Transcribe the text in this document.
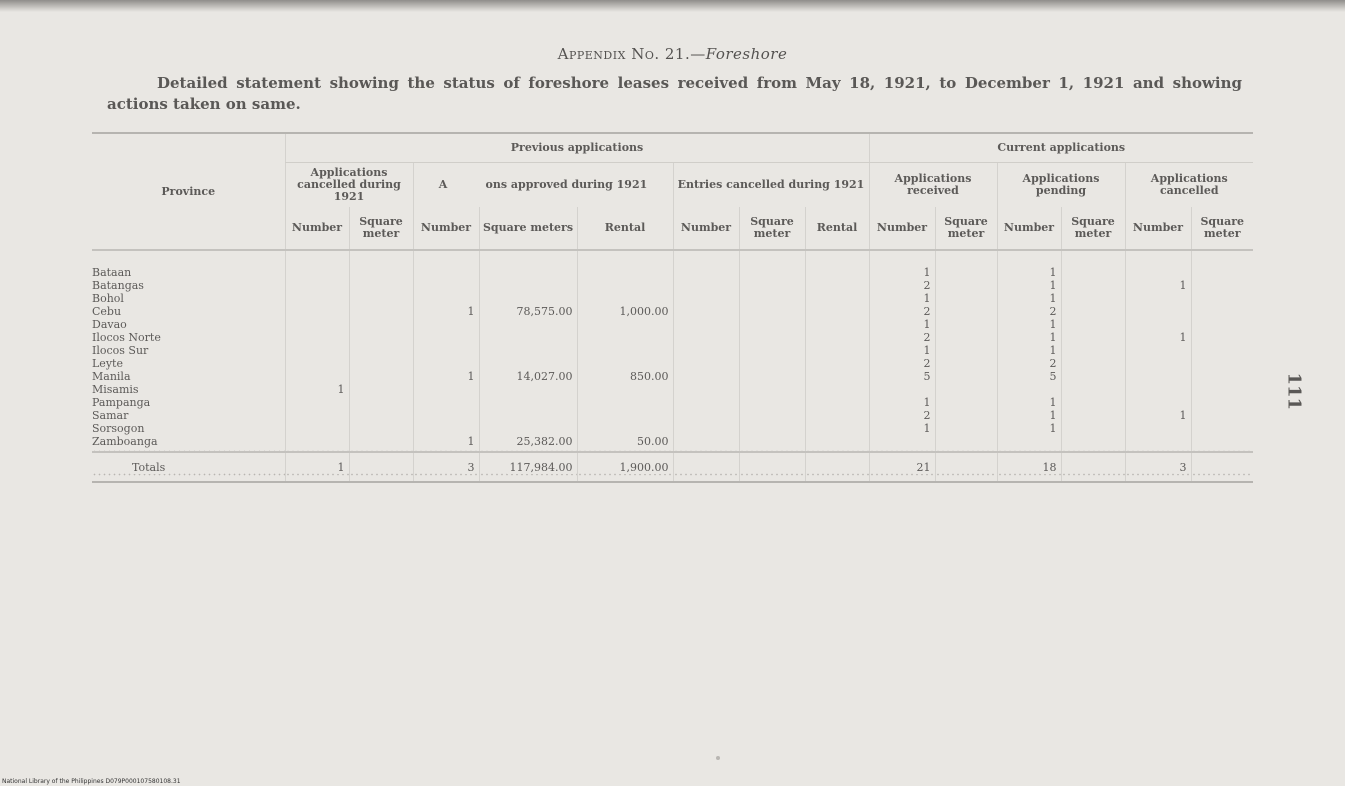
Appendix No. 21.—Foreshore
Detailed statement showing the status of foreshore leases received from May 18, 1921, to December 1, 1921 and showing actions taken on same.
Province	Previous applications								Current applications					
	Applications cancelled during 1921		A          ons approved during 1921			Entries cancelled during 1921			Applications received		Applications pending		Applications cancelled	
	Number	Square meter	Number	Square meters	Rental	Number	Square meter	Rental	Number	Square meter	Number	Square meter	Number	Square meter
Bataan									1		1			
Batangas									2		1		1	
Bohol									1		1			
Cebu			1	78,575.00	1,000.00				2		2			
Davao									1		1			
Ilocos Norte									2		1		1	
Ilocos Sur									1		1			
Leyte									2		2			
Manila			1	14,027.00	850.00				5		5			
Misamis	1													
Pampanga									1		1			
Samar									2		1		1	
Sorsogon									1		1			
Zamboanga			1	25,382.00	50.00									
Totals	1		3	117,984.00	1,900.00				21		18		3	
111
National Library of the Philippines D079P000107580108.31
